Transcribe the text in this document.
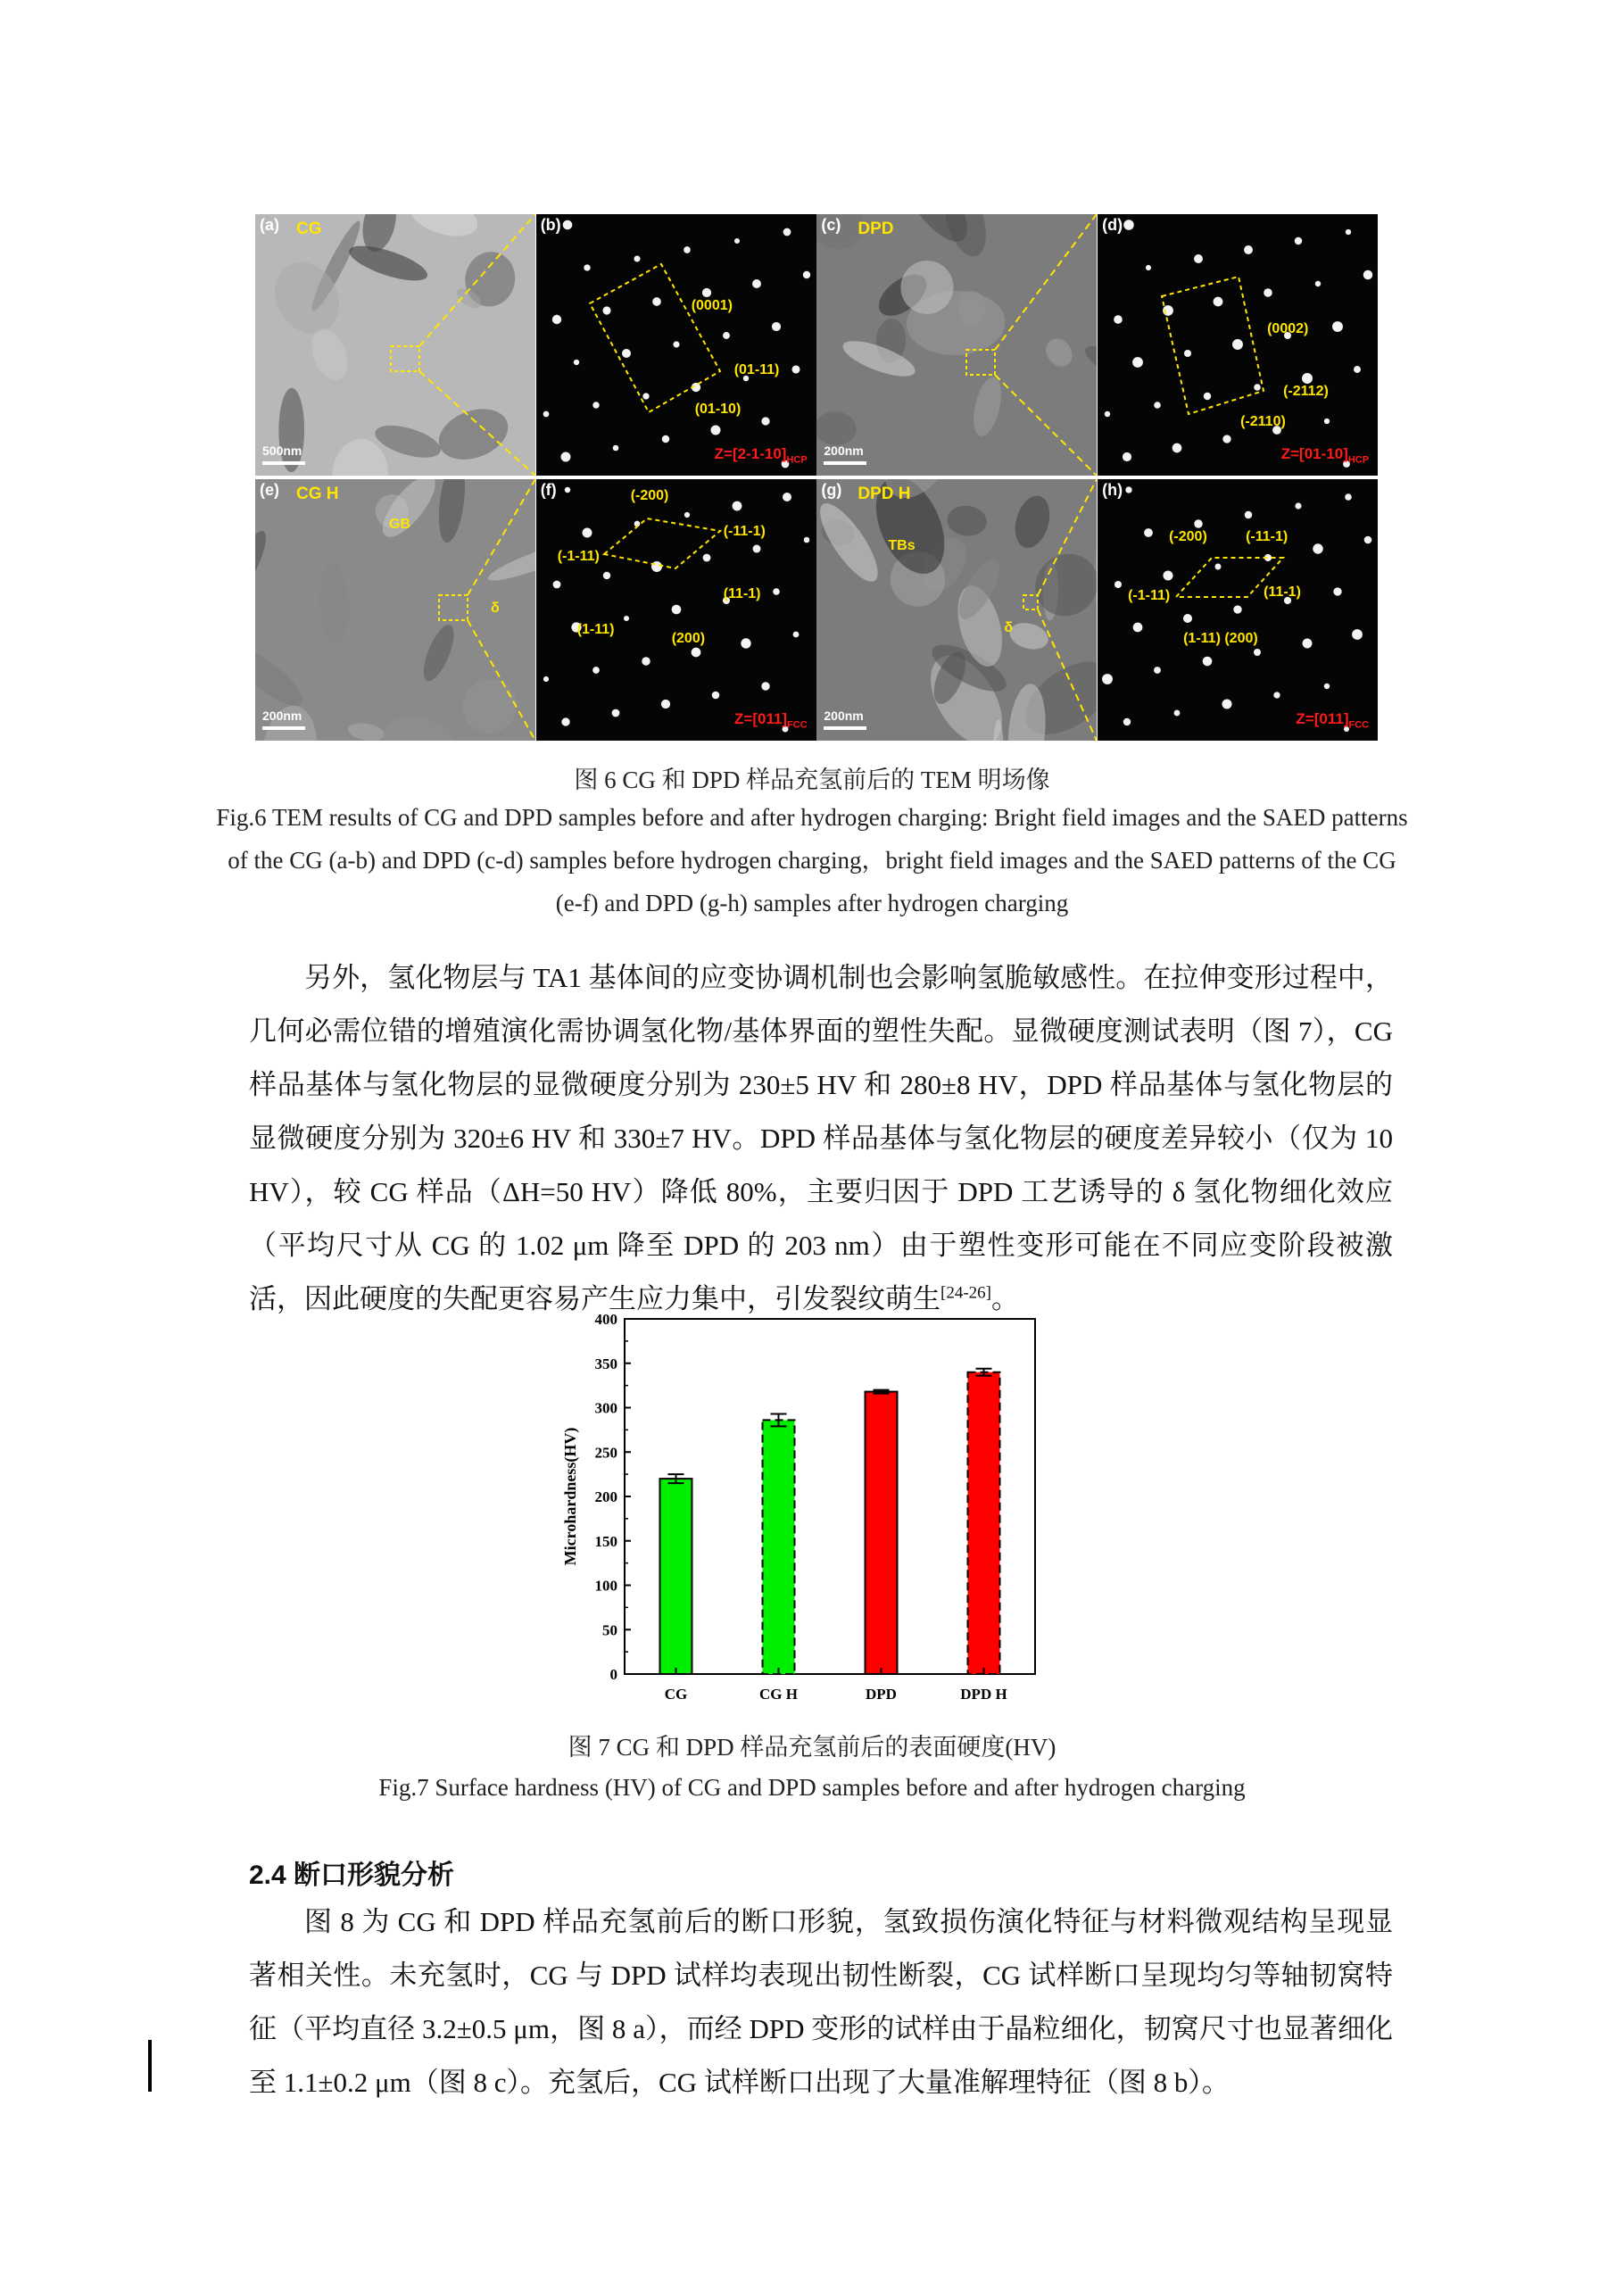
(a) CG
500nm
(b)
$Z=[2-1-10]_{HCP}$
(0001)
(01-11)
(01-10)
(c) DPD
200nm
(d)
$Z=[01-10]_{HCP}$
(0002)
(-2112)
(-2110)
(e) CG H
200nm
GB
δ
(f)
$Z=[011]_{FCC}$
(-200)
(-11-1)
(-1-11)
(11-1)
(1-11)
(200)
(g) DPD H
200nm
TBs
δ
(h)
$Z=[011]_{FCC}$
(-200)	(-11-1)
(-1-11)	(11-1)
(1-11) (200)
图 6 CG 和 DPD 样品充氢前后的 TEM 明场像
Fig.6 TEM results of CG and DPD samples before and after hydrogen charging: Bright field images and the SAED patterns of the CG (a-b) and DPD (c-d) samples before hydrogen charging，bright field images and the SAED patterns of the CG (e-f) and DPD (g-h) samples after hydrogen charging

另外，氢化物层与 TA1 基体间的应变协调机制也会影响氢脆敏感性。在拉伸变形过程中，几何必需位错的增殖演化需协调氢化物/基体界面的塑性失配。显微硬度测试表明（图 7），CG 样品基体与氢化物层的显微硬度分别为 230±5 HV 和 280±8 HV，DPD 样品基体与氢化物层的显微硬度分别为 320±6 HV 和 330±7 HV。DPD 样品基体与氢化物层的硬度差异较小（仅为 10 HV），较 CG 样品（ΔH=50 HV）降低 80%，主要归因于 DPD 工艺诱导的 δ 氢化物细化效应（平均尺寸从 CG 的 1.02 μm 降至 DPD 的 203 nm）由于塑性变形可能在不同应变阶段被激活，因此硬度的失配更容易产生应力集中，引发裂纹萌生[24-26]。

0
50
100
150
200
250
300
350
400
Microhardness(HV)
CG	CG H	DPD	DPD H
图 7 CG 和 DPD 样品充氢前后的表面硬度(HV)
Fig.7 Surface hardness (HV) of CG and DPD samples before and after hydrogen charging
2.4 断口形貌分析

图 8 为 CG 和 DPD 样品充氢前后的断口形貌，氢致损伤演化特征与材料微观结构呈现显著相关性。未充氢时，CG 与 DPD 试样均表现出韧性断裂，CG 试样断口呈现均匀等轴韧窝特征（平均直径 3.2±0.5 μm，图 8 a），而经 DPD 变形的试样由于晶粒细化，韧窝尺寸也显著细化至 1.1±0.2 μm（图 8 c）。充氢后，CG 试样断口出现了大量准解理特征（图 8 b）。
